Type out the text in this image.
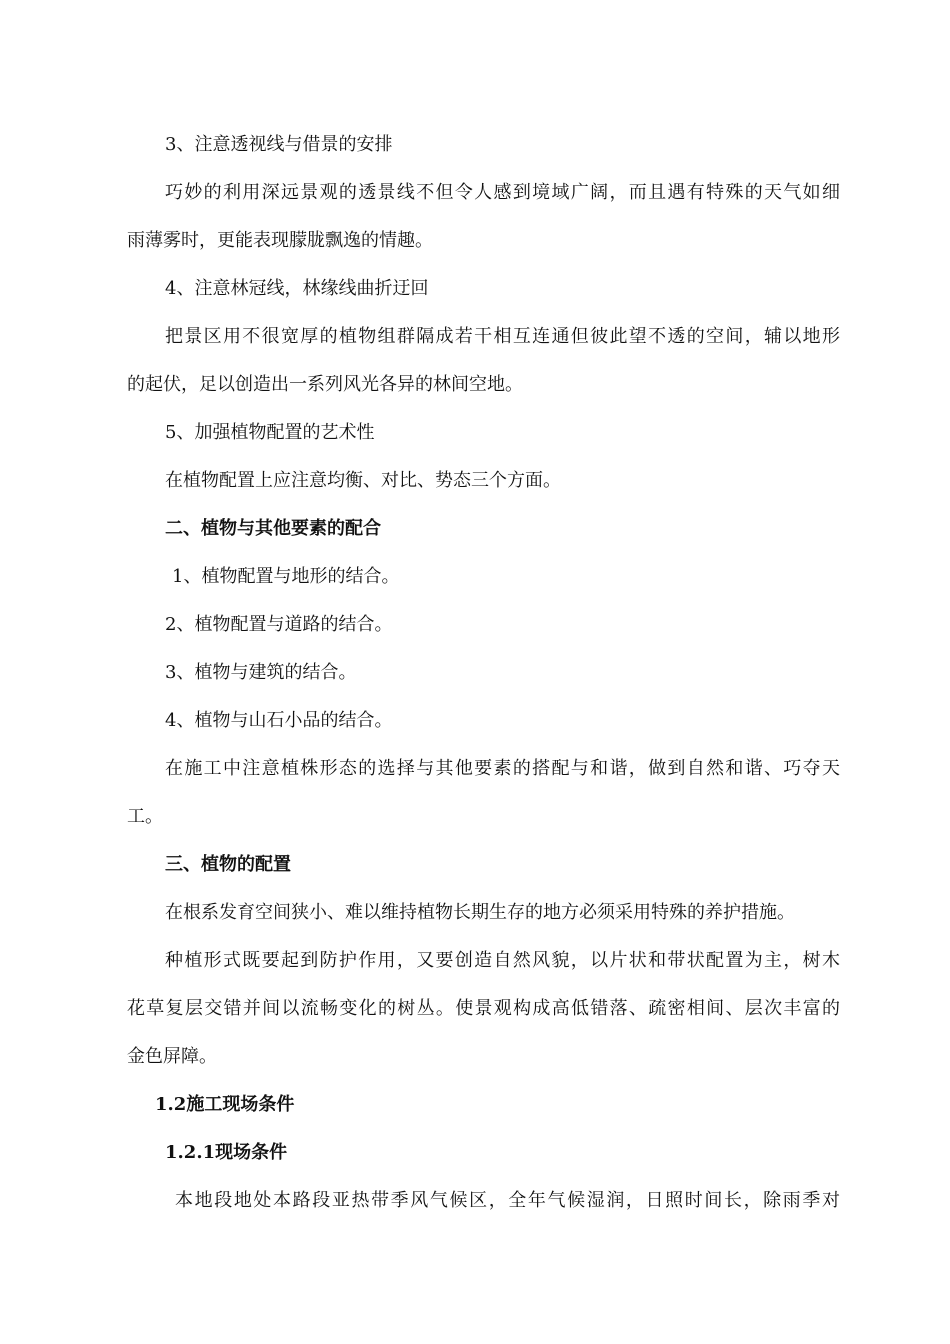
3、注意透视线与借景的安排
巧妙的利用深远景观的透景线不但令人感到境域广阔，而且遇有特殊的天气如细
雨薄雾时，更能表现朦胧飘逸的情趣。
4、注意林冠线，林缘线曲折迂回
把景区用不很宽厚的植物组群隔成若干相互连通但彼此望不透的空间，辅以地形
的起伏，足以创造出一系列风光各异的林间空地。
5、加强植物配置的艺术性
在植物配置上应注意均衡、对比、势态三个方面。
二、植物与其他要素的配合
1、植物配置与地形的结合。
2、植物配置与道路的结合。
3、植物与建筑的结合。
4、植物与山石小品的结合。
在施工中注意植株形态的选择与其他要素的搭配与和谐，做到自然和谐、巧夺天
工。
三、植物的配置
在根系发育空间狭小、难以维持植物长期生存的地方必须采用特殊的养护措施。
种植形式既要起到防护作用，又要创造自然风貌，以片状和带状配置为主，树木
花草复层交错并间以流畅变化的树丛。使景观构成高低错落、疏密相间、层次丰富的
金色屏障。
1.2施工现场条件
1.2.1现场条件
本地段地处本路段亚热带季风气候区，全年气候湿润，日照时间长，除雨季对
